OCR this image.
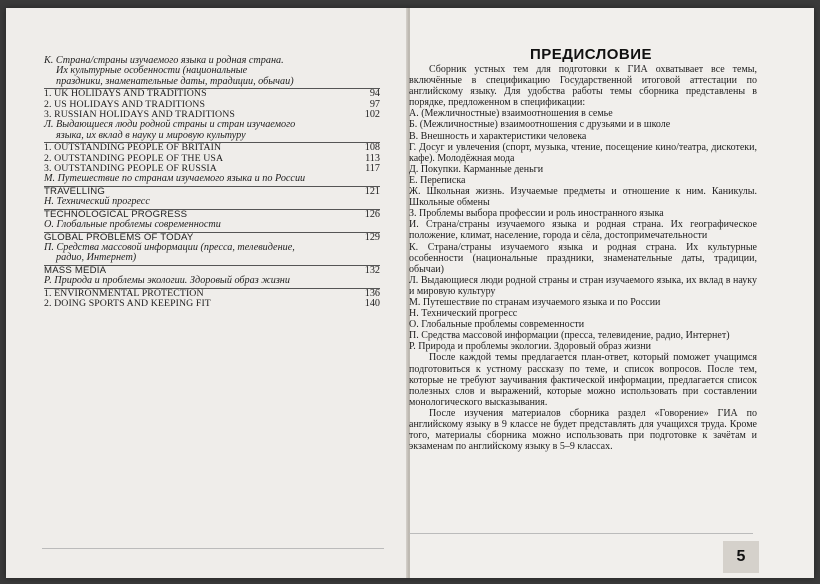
К. Страна/страны изучаемого языка и родная страна.
Их культурные особенности (национальные
праздники, знаменательные даты, традиции, обычаи)
1. UK HOLIDAYS AND TRADITIONS	94
2. US HOLIDAYS AND TRADITIONS	97
3. RUSSIAN HOLIDAYS AND TRADITIONS	102
Л. Выдающиеся люди родной страны и стран изучаемого
языка, их вклад в науку и мировую культуру
1. OUTSTANDING PEOPLE OF BRITAIN	108
2. OUTSTANDING PEOPLE OF THE USA	113
3. OUTSTANDING PEOPLE OF RUSSIA	117
М. Путешествие по странам изучаемого языка и по России
TRAVELLING	121
Н. Технический прогресс
TECHNOLOGICAL PROGRESS	126
О. Глобальные проблемы современности
GLOBAL PROBLEMS OF TODAY	129
П. Средства массовой информации (пресса, телевидение,
радио, Интернет)
MASS MEDIA	132
Р. Природа и проблемы экологии. Здоровый образ жизни
1. ENVIRONMENTAL PROTECTION	136
2. DOING SPORTS AND KEEPING FIT	140
ПРЕДИСЛОВИЕ

Сборник устных тем для подготовки к ГИА охватывает все темы, включённые в спецификацию Государственной итоговой аттестации по английскому языку. Для удобства работы темы сборника представлены в порядке, предложенном в спецификации:

А. (Межличностные) взаимоотношения в семье

Б. (Межличностные) взаимоотношения с друзьями и в школе

В. Внешность и характеристики человека

Г. Досуг и увлечения (спорт, музыка, чтение, посещение кино/театра, дискотеки, кафе). Молодёжная мода

Д. Покупки. Карманные деньги

Е. Переписка

Ж. Школьная жизнь. Изучаемые предметы и отношение к ним. Каникулы. Школьные обмены

З. Проблемы выбора профессии и роль иностранного языка

И. Страна/страны изучаемого языка и родная страна. Их географическое положение, климат, население, города и сёла, достопримечательности

К. Страна/страны изучаемого языка и родная страна. Их культурные особенности (национальные праздники, знаменательные даты, традиции, обычаи)

Л. Выдающиеся люди родной страны и стран изучаемого языка, их вклад в науку и мировую культуру

М. Путешествие по странам изучаемого языка и по России

Н. Технический прогресс

О. Глобальные проблемы современности

П. Средства массовой информации (пресса, телевидение, радио, Интернет)

Р. Природа и проблемы экологии. Здоровый образ жизни

После каждой темы предлагается план-ответ, который поможет учащимся подготовиться к устному рассказу по теме, и список вопросов. После тем, которые не требуют заучивания фактической информации, предлагается список полезных слов и выражений, которые можно использовать при составлении монологического высказывания.

После изучения материалов сборника раздел «Говорение» ГИА по английскому языку в 9 классе не будет представлять для учащихся труда. Кроме того, материалы сборника можно использовать при подготовке к зачётам и экзаменам по английскому языку в 5–9 классах.

5
